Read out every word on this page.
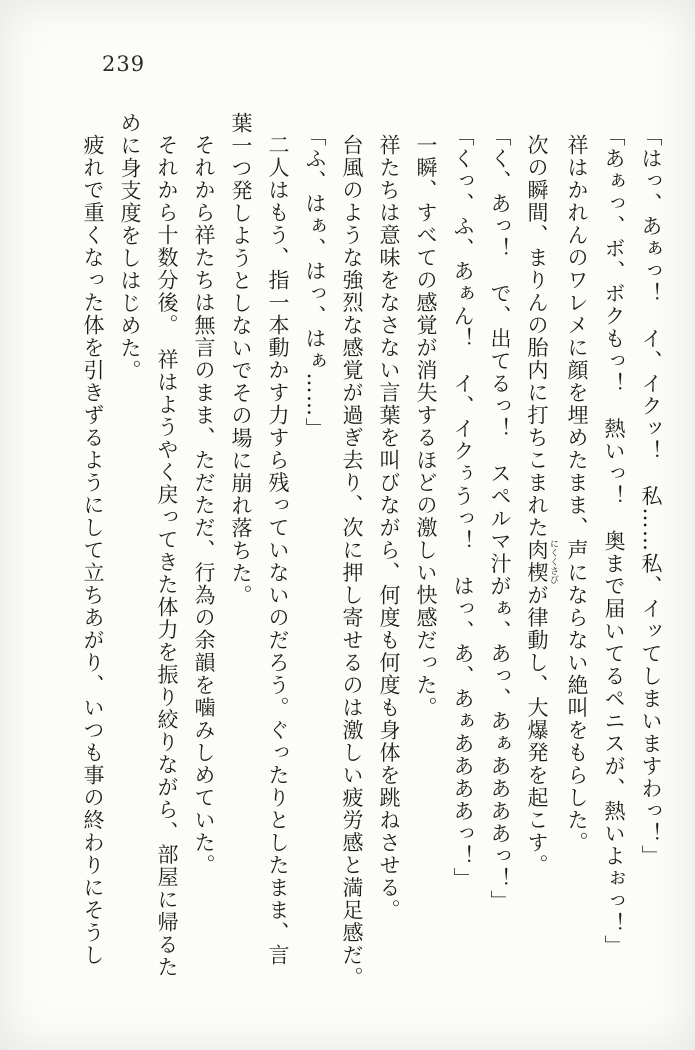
239

「はっ、あぁっ！　イ、イクッ！　私……私、イッてしまいますわっ！」

「あぁっ、ボ、ボクもっ！　熱いっ！　奥まで届いてるペニスが、熱いよぉっ！」

祥はかれんのワレメに顔を埋めたまま、声にならない絶叫をもらした。

次の瞬間、まりんの胎内に打ちこまれた肉楔 にくくさびが律動し、大爆発を起こす。

「く、あっ！　で、出てるっ！　スペルマ汁がぁ、あっ、あぁああああっ！」

「くっ、ふ、あぁん！　イ、イクぅうっ！　はっ、あ、あぁああああっ！」

一瞬、すべての感覚が消失するほどの激しい快感だった。

祥たちは意味をなさない言葉を叫びながら、何度も何度も身体を跳ねさせる。

台風のような強烈な感覚が過ぎ去り、次に押し寄せるのは激しい疲労感と満足感だ。

「ふ、はぁ、はっ、はぁ……」

二人はもう、指一本動かす力すら残っていないのだろう。ぐったりとしたまま、言

葉一つ発しようとしないでその場に崩れ落ちた。

それから祥たちは無言のまま、ただただ、行為の余韻を噛みしめていた。

それから十数分後。　祥はようやく戻ってきた体力を振り絞りながら、部屋に帰るた

めに身支度をしはじめた。

疲れで重くなった体を引きずるようにして立ちあがり、いつも事の終わりにそうし
